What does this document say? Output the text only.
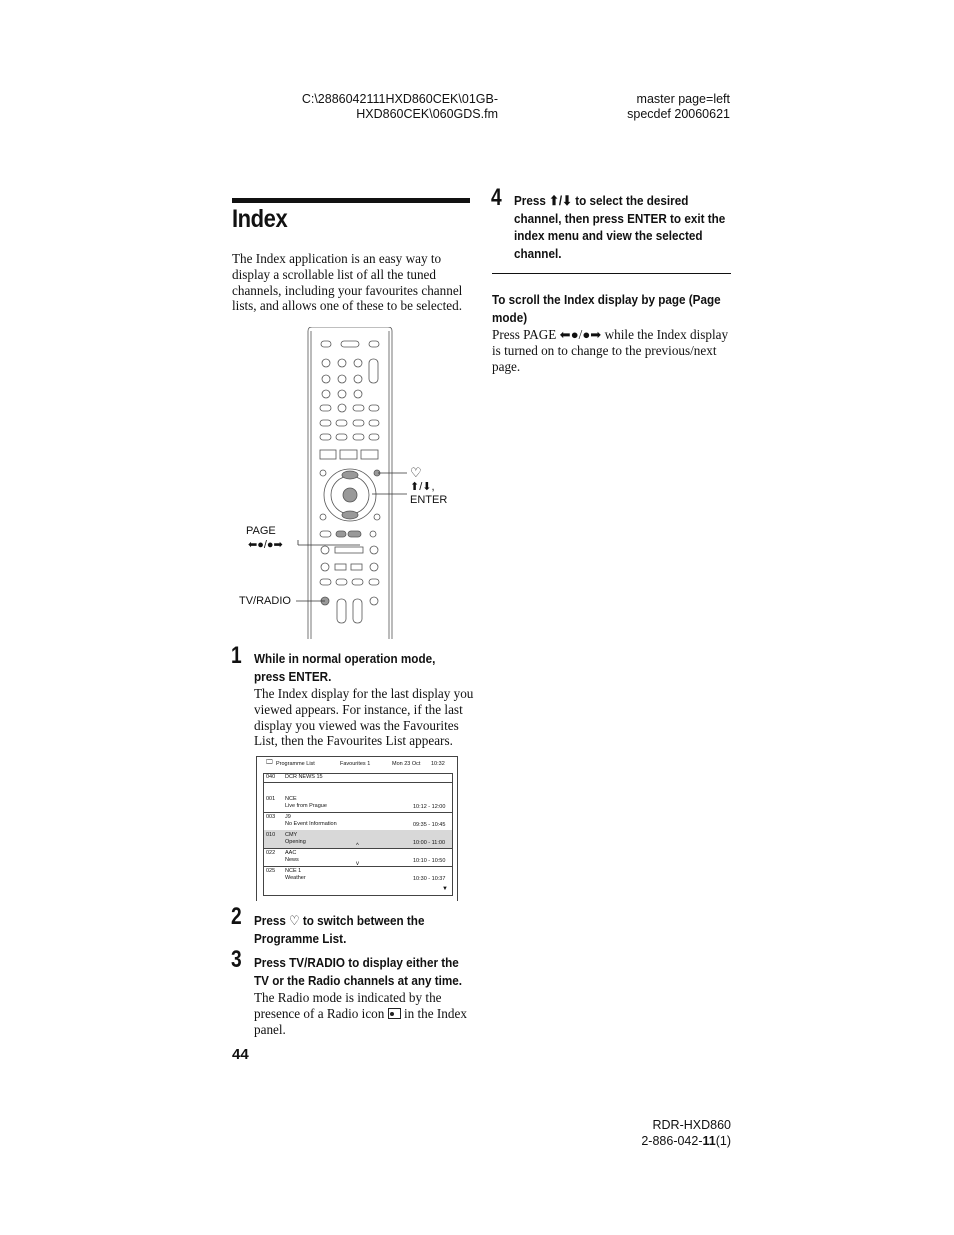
C:\2886042111HXD860CEK\01GB-
HXD860CEK\060GDS.fm
master page=left
specdef 20060621
Index
The Index application is an easy way to
display a scrollable list of all the tuned
channels, including your favourites channel
lists, and allows one of these to be selected.
♡
⬆/⬇,
ENTER
PAGE
⬅●/●➡
TV/RADIO
1 While in normal operation mode,
press ENTER.
The Index display for the last display you
viewed appears. For instance, if the last
display you viewed was the Favourites
List, then the Favourites List appears.
🖵 Programme List	Favourites 1	Mon 23 Oct 10:32
040 DCR NEWS 15
001 NCE
Live from Prague	10:12 - 12:00
003 J9
No Event Information	09:35 - 10:45
010 CMY
Opening	10:00 - 11:00
022 AAC
News	10:10 - 10:50
025 NCE 1
Weather	10:30 - 10:37
^
v
▼
2 Press ♡ to switch between the
Programme List.
3 Press TV/RADIO to display either the
TV or the Radio channels at any time.
The Radio mode is indicated by the
presence of a Radio icon
in the Index
panel.
44
4 Press ⬆/⬇ to select the desired
channel, then press ENTER to exit the
index menu and view the selected
channel.
To scroll the Index display by page (Page
mode)
Press PAGE ⬅●/●➡ while the Index display
is turned on to change to the previous/next
page.
RDR-HXD860
2-886-042-11(1)
